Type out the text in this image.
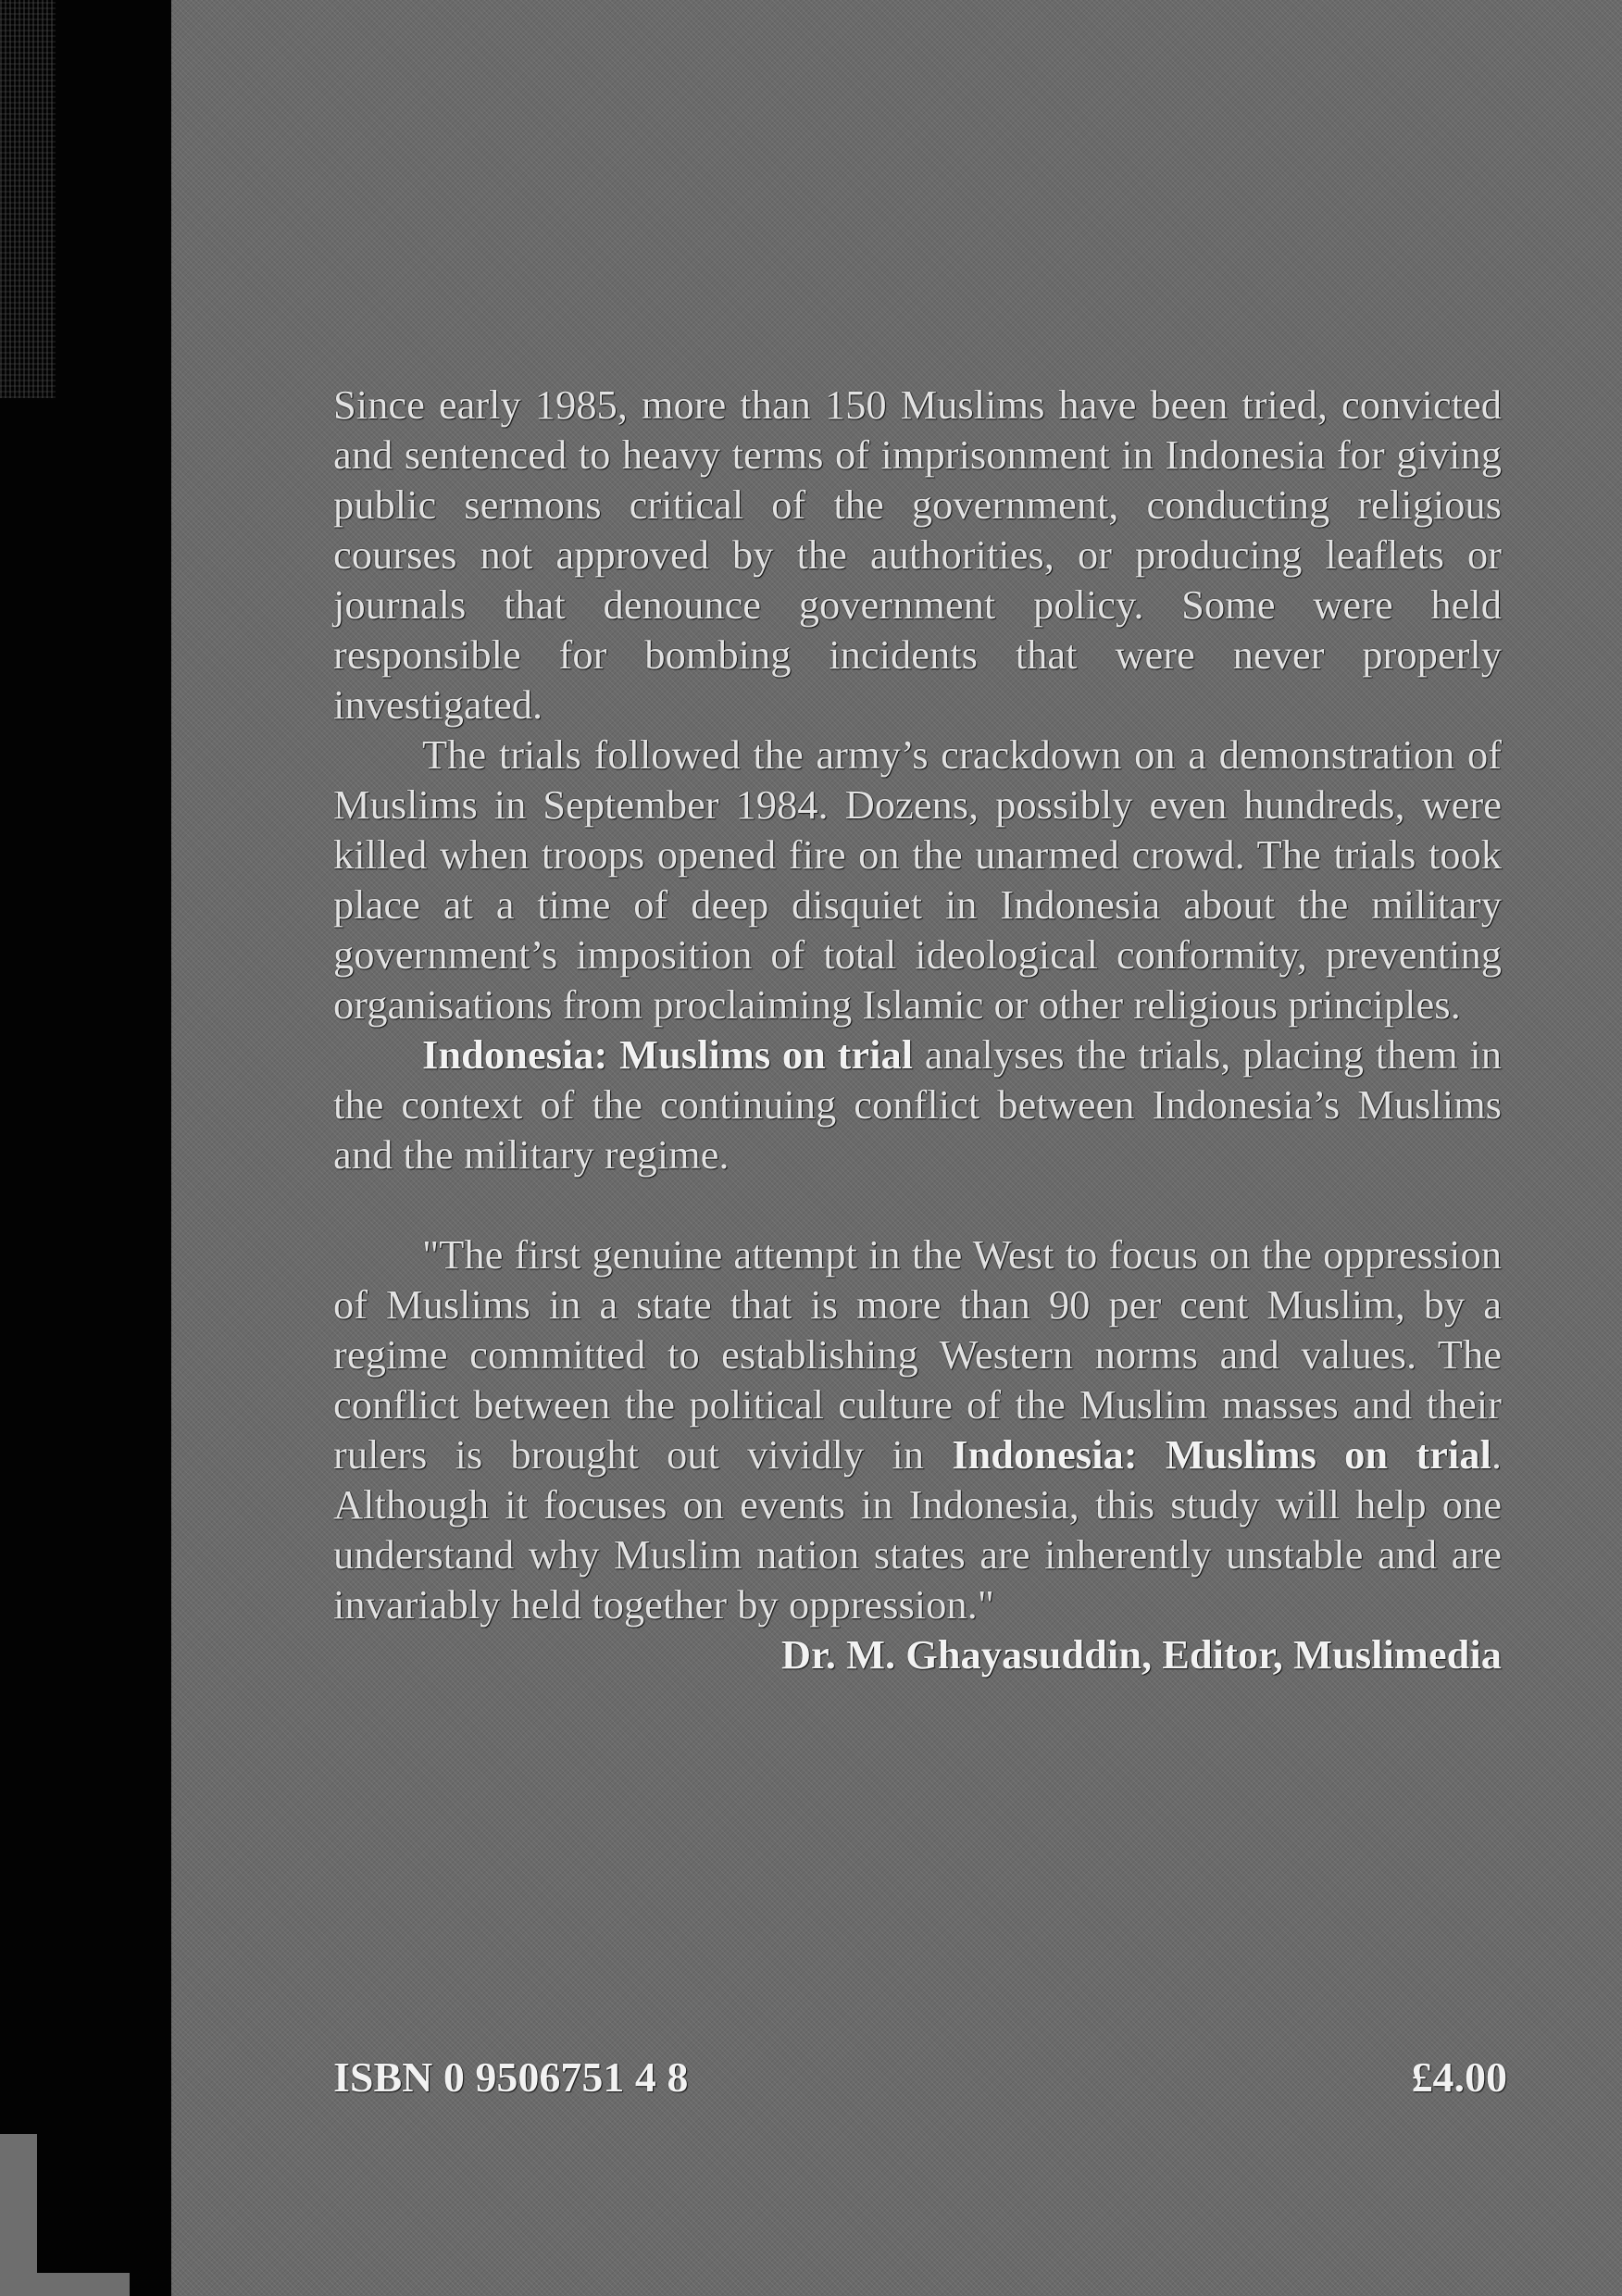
Since early 1985, more than 150 Muslims have been tried, convicted and sentenced to heavy terms of imprisonment in Indonesia for giving public sermons critical of the government, conducting religious courses not approved by the authorities, or producing leaflets or journals that denounce government policy. Some were held responsible for bombing incidents that were never properly investigated.

The trials followed the army’s crackdown on a demonstration of Muslims in September 1984. Dozens, possibly even hundreds, were killed when troops opened fire on the unarmed crowd. The trials took place at a time of deep disquiet in Indonesia about the military government’s imposition of total ideological conformity, preventing organisations from proclaiming Islamic or other religious principles.

Indonesia: Muslims on trial analyses the trials, placing them in the context of the continuing conflict between Indonesia’s Muslims and the military regime.

"The first genuine attempt in the West to focus on the oppression of Muslims in a state that is more than 90 per cent Muslim, by a regime committed to establishing Western norms and values. The conflict between the political culture of the Muslim masses and their rulers is brought out vividly in Indonesia: Muslims on trial. Although it focuses on events in Indonesia, this study will help one understand why Muslim nation states are inherently unstable and are invariably held together by oppression."

Dr. M. Ghayasuddin, Editor, Muslimedia

ISBN 0 9506751 4 8	£4.00
